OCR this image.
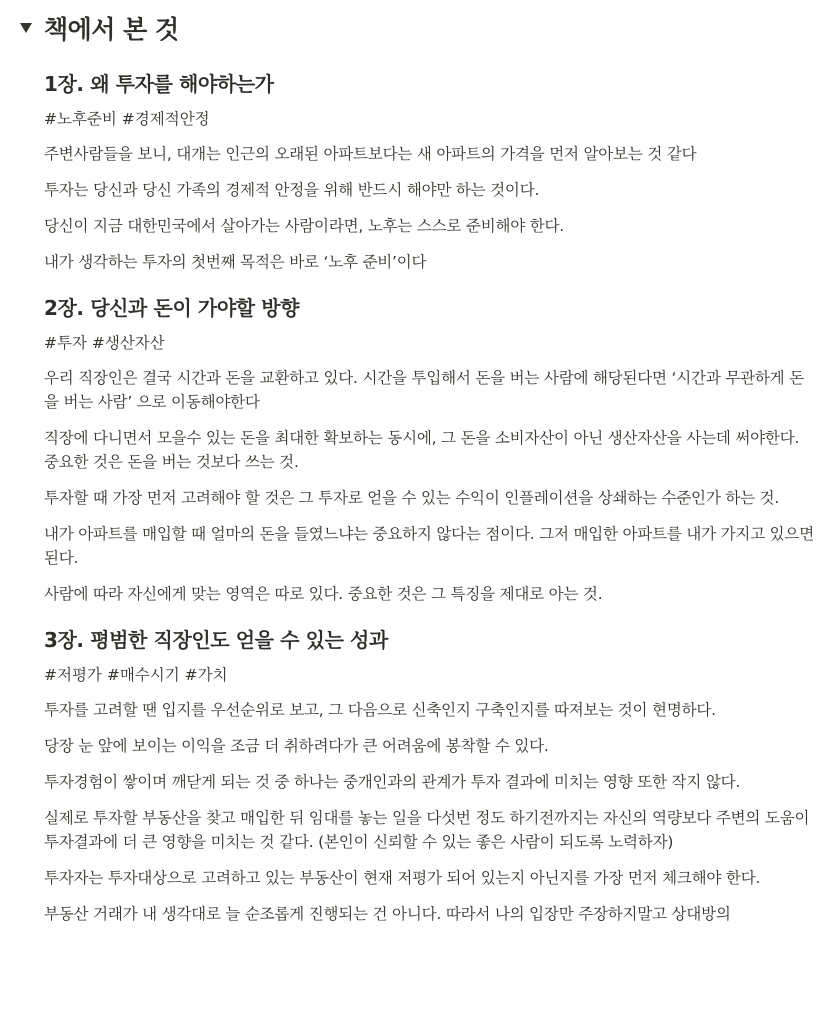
책에서 본 것
1장. 왜 투자를 해야하는가
#노후준비 #경제적안정
주변사람들을 보니, 대개는 인근의 오래된 아파트보다는 새 아파트의 가격을 먼저 알아보는 것 같다
투자는 당신과 당신 가족의 경제적 안정을 위해 반드시 해야만 하는 것이다.
당신이 지금 대한민국에서 살아가는 사람이라면, 노후는 스스로 준비해야 한다.
내가 생각하는 투자의 첫번째 목적은 바로 ‘노후 준비’이다
2장. 당신과 돈이 가야할 방향
#투자 #생산자산
우리 직장인은 결국 시간과 돈을 교환하고 있다. 시간을 투입해서 돈을 버는 사람에 해당된다면 ‘시간과 무관하게 돈을 버는 사람’ 으로 이동해야한다
직장에 다니면서 모을수 있는 돈을 최대한 확보하는 동시에, 그 돈을 소비자산이 아닌 생산자산을 사는데 써야한다. 중요한 것은 돈을 버는 것보다 쓰는 것.
투자할 때 가장 먼저 고려해야 할 것은 그 투자로 얻을 수 있는 수익이 인플레이션을 상쇄하는 수준인가 하는 것.
내가 아파트를 매입할 때 얼마의 돈을 들였느냐는 중요하지 않다는 점이다. 그저 매입한 아파트를 내가 가지고 있으면 된다.
사람에 따라 자신에게 맞는 영역은 따로 있다. 중요한 것은 그 특징을 제대로 아는 것.
3장. 평범한 직장인도 얻을 수 있는 성과
#저평가 #매수시기 #가치
투자를 고려할 땐 입지를 우선순위로 보고, 그 다음으로 신축인지 구축인지를 따져보는 것이 현명하다.
당장 눈 앞에 보이는 이익을 조금 더 취하려다가 큰 어려움에 봉착할 수 있다.
투자경험이 쌓이며 깨닫게 되는 것 중 하나는 중개인과의 관계가 투자 결과에 미치는 영향 또한 작지 않다.
실제로 투자할 부동산을 찾고 매입한 뒤 임대를 놓는 일을 다섯번 정도 하기전까지는 자신의 역량보다 주변의 도움이 투자결과에 더 큰 영향을 미치는 것 같다. (본인이 신뢰할 수 있는 좋은 사람이 되도록 노력하자)
투자자는 투자대상으로 고려하고 있는 부동산이 현재 저평가 되어 있는지 아닌지를 가장 먼저 체크해야 한다.
부동산 거래가 내 생각대로 늘 순조롭게 진행되는 건 아니다. 따라서 나의 입장만 주장하지말고 상대방의
